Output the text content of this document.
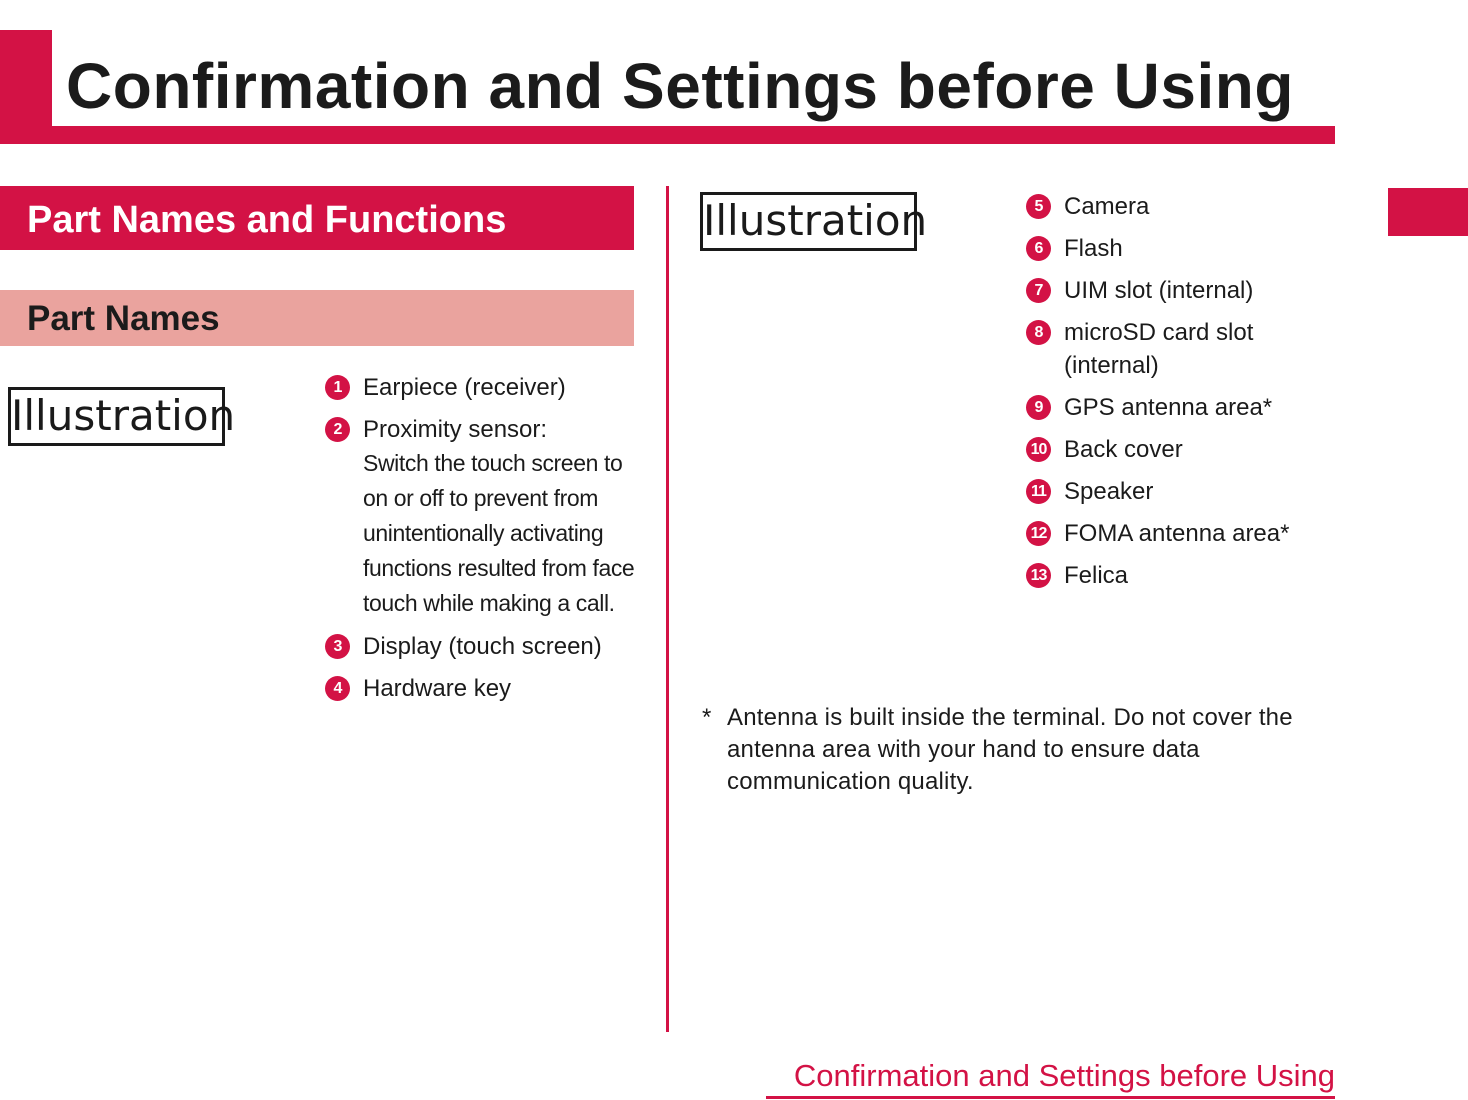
Confirmation and Settings before Using
Part Names and Functions
Part Names
Illustration
Illustration
1 Earpiece (receiver)
2 Proximity sensor:
Switch the touch screen to on or off to prevent from unintentionally activating functions resulted from face touch while making a call.
3 Display (touch screen)
4 Hardware key
5 Camera
6 Flash
7 UIM slot (internal)
8 microSD card slot (internal)
9 GPS antenna area*
10 Back cover
11 Speaker
12 FOMA antenna area*
13 Felica
* Antenna is built inside the terminal. Do not cover the antenna area with your hand to ensure data communication quality.
Confirmation and Settings before Using
